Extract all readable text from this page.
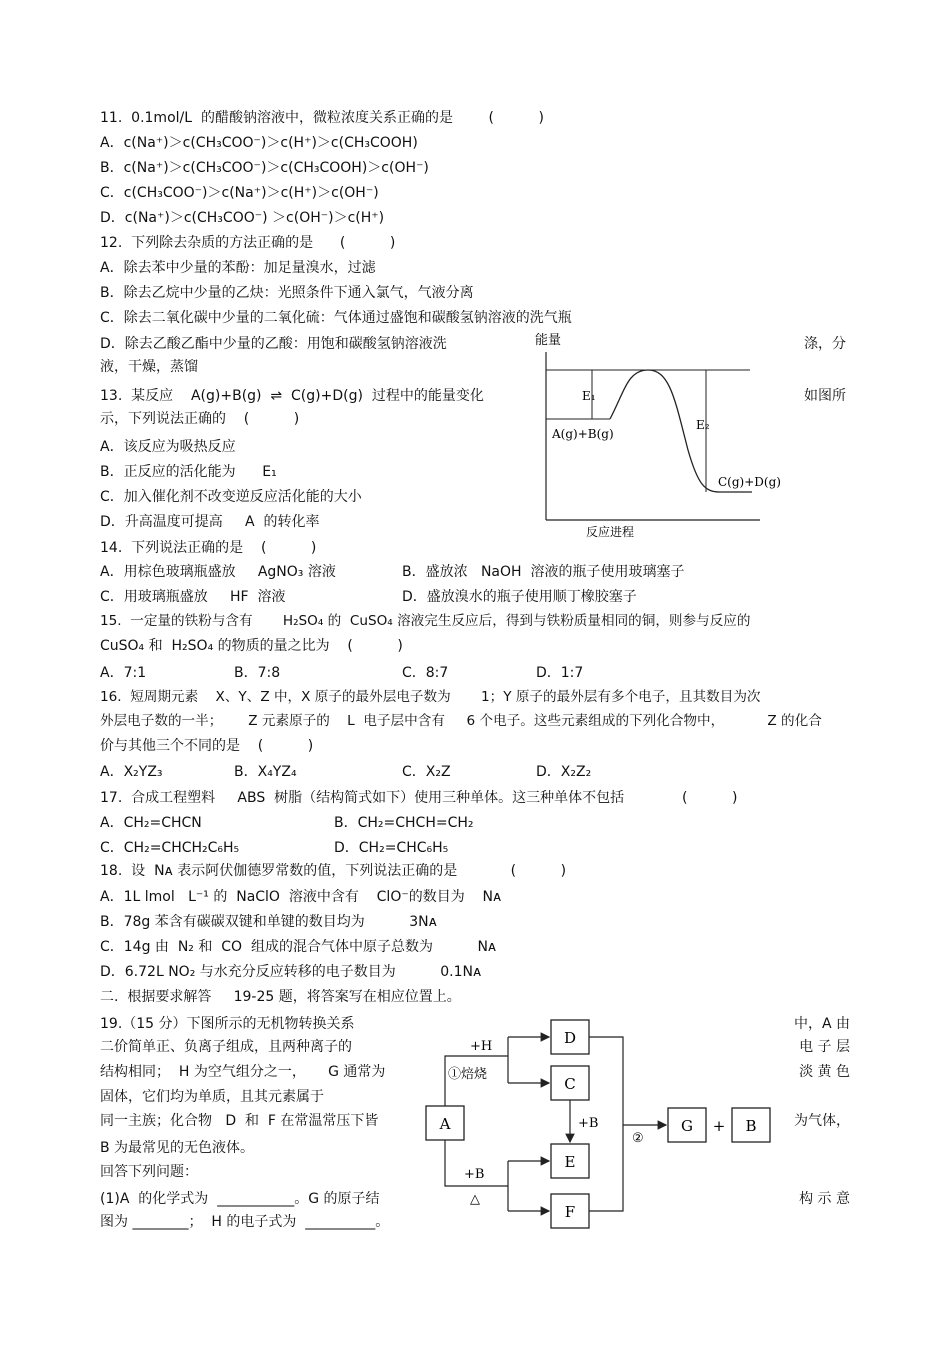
11.  0.1mol/L  的醋酸钠溶液中，微粒浓度关系正确的是        (          )
A．c(Na⁺)＞c(CH₃COO⁻)＞c(H⁺)＞c(CH₃COOH)
B．c(Na⁺)＞c(CH₃COO⁻)＞c(CH₃COOH)＞c(OH⁻)
C．c(CH₃COO⁻)＞c(Na⁺)＞c(H⁺)＞c(OH⁻)
D．c(Na⁺)＞c(CH₃COO⁻) ＞c(OH⁻)＞c(H⁺)
12.  下列除去杂质的方法正确的是      (          )
A．除去苯中少量的苯酚：加足量溴水，过滤
B．除去乙烷中少量的乙炔：光照条件下通入氯气，气液分离
C．除去二氧化碳中少量的二氧化硫：气体通过盛饱和碳酸氢钠溶液的洗气瓶
D．除去乙酸乙酯中少量的乙酸：用饱和碳酸氢钠溶液洗	涤，分
液，干燥，蒸馏
13.  某反应    A(g)+B(g)  ⇌  C(g)+D(g)  过程中的能量变化	如图所
示，下列说法正确的    (          )
A．该反应为吸热反应
B．正反应的活化能为      E₁
C．加入催化剂不改变逆反应活化能的大小
D．升高温度可提高     A  的转化率
能量
E₁
E₂
A(g)+B(g)
C(g)+D(g)
反应进程
14.  下列说法正确的是    (          )
A．用棕色玻璃瓶盛放     AgNO₃ 溶液	B．盛放浓   NaOH  溶液的瓶子使用玻璃塞子
C．用玻璃瓶盛放     HF  溶液	D．盛放溴水的瓶子使用顺丁橡胶塞子
15.  一定量的铁粉与含有       H₂SO₄ 的  CuSO₄ 溶液完生反应后，得到与铁粉质量相同的铜，则参与反应的
CuSO₄ 和  H₂SO₄ 的物质的量之比为    (          )
A．7:1	B．7:8	C．8:7	D．1:7
16.  短周期元素    X、Y、Z 中，X 原子的最外层电子数为       1；Y 原子的最外层有多个电子，且其数目为次
外层电子数的一半；      Z 元素原子的    L  电子层中含有     6 个电子。这些元素组成的下列化合物中，          Z 的化合
价与其他三个不同的是    (          )
A．X₂YZ₃	B．X₄YZ₄	C．X₂Z	D．X₂Z₂
17.  合成工程塑料     ABS  树脂（结构简式如下）使用三种单体。这三种单体不包括             (          )
A．CH₂=CHCN	B．CH₂=CHCH=CH₂
C．CH₂=CHCH₂C₆H₅	D．CH₂=CHC₆H₅
18.  设  Nᴀ 表示阿伏伽德罗常数的值，下列说法正确的是            (          )
A．1L lmol   L⁻¹ 的  NaClO  溶液中含有    ClO⁻的数目为    Nᴀ
B．78g 苯含有碳碳双键和单键的数目均为          3Nᴀ
C．14g 由  N₂ 和  CO  组成的混合气体中原子总数为          Nᴀ
D．6.72L NO₂ 与水充分反应转移的电子数目为          0.1Nᴀ
二.  根据要求解答     19-25 题，将答案写在相应位置上。
19.（15 分）下图所示的无机物转换关系	中，A 由
二价简单正、负离子组成，且两种离子的	电 子 层
结构相同；  H 为空气组分之一，     G 通常为	淡 黄 色
固体，它们均为单质，且其元素属于
同一主族；化合物   D  和  F 在常温常压下皆	为气体，
B 为最常见的无色液体。
回答下列问题：
(1)A  的化学式为  ___________。G 的原子结	构 示 意
图为 ________；  H 的电子式为  __________。
A
D
C
E
F
G	B
+
+H
①焙烧
+B
+B
△
②
